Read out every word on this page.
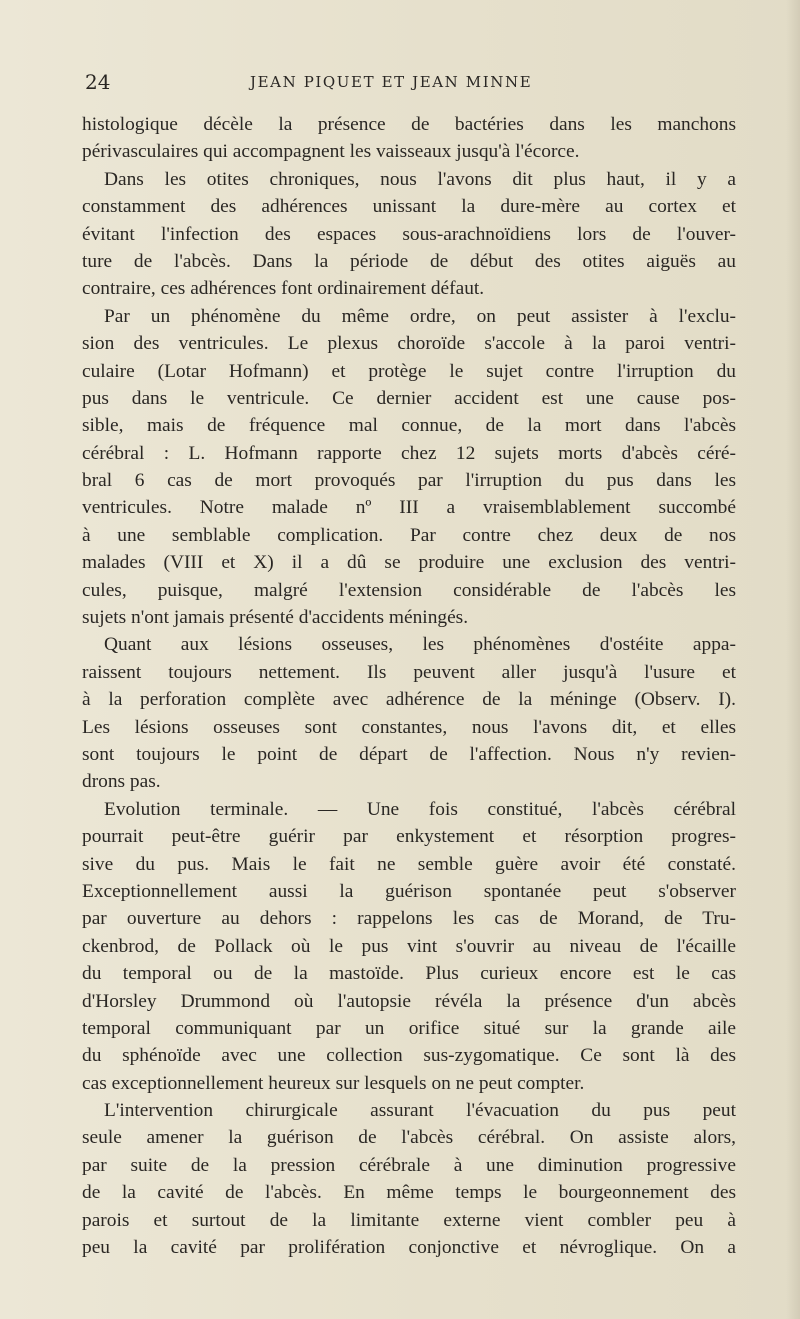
24	JEAN PIQUET ET JEAN MINNE
histologique décèle la présence de bactéries dans les manchons
périvasculaires qui accompagnent les vaisseaux jusqu'à l'écorce.
Dans les otites chroniques, nous l'avons dit plus haut, il y a
constamment des adhérences unissant la dure-mère au cortex et
évitant l'infection des espaces sous-arachnoïdiens lors de l'ouver-
ture de l'abcès. Dans la période de début des otites aiguës au
contraire, ces adhérences font ordinairement défaut.
Par un phénomène du même ordre, on peut assister à l'exclu-
sion des ventricules. Le plexus choroïde s'accole à la paroi ventri-
culaire (Lotar Hofmann) et protège le sujet contre l'irruption du
pus dans le ventricule. Ce dernier accident est une cause pos-
sible, mais de fréquence mal connue, de la mort dans l'abcès
cérébral : L. Hofmann rapporte chez 12 sujets morts d'abcès céré-
bral 6 cas de mort provoqués par l'irruption du pus dans les
ventricules. Notre malade nº III a vraisemblablement succombé
à une semblable complication. Par contre chez deux de nos
malades (VIII et X) il a dû se produire une exclusion des ventri-
cules, puisque, malgré l'extension considérable de l'abcès les
sujets n'ont jamais présenté d'accidents méningés.
Quant aux lésions osseuses, les phénomènes d'ostéite appa-
raissent toujours nettement. Ils peuvent aller jusqu'à l'usure et
à la perforation complète avec adhérence de la méninge (Observ. I).
Les lésions osseuses sont constantes, nous l'avons dit, et elles
sont toujours le point de départ de l'affection. Nous n'y revien-
drons pas.
Evolution terminale. — Une fois constitué, l'abcès cérébral
pourrait peut-être guérir par enkystement et résorption progres-
sive du pus. Mais le fait ne semble guère avoir été constaté.
Exceptionnellement aussi la guérison spontanée peut s'observer
par ouverture au dehors : rappelons les cas de Morand, de Tru-
ckenbrod, de Pollack où le pus vint s'ouvrir au niveau de l'écaille
du temporal ou de la mastoïde. Plus curieux encore est le cas
d'Horsley Drummond où l'autopsie révéla la présence d'un abcès
temporal communiquant par un orifice situé sur la grande aile
du sphénoïde avec une collection sus-zygomatique. Ce sont là des
cas exceptionnellement heureux sur lesquels on ne peut compter.
L'intervention chirurgicale assurant l'évacuation du pus peut
seule amener la guérison de l'abcès cérébral. On assiste alors,
par suite de la pression cérébrale à une diminution progressive
de la cavité de l'abcès. En même temps le bourgeonnement des
parois et surtout de la limitante externe vient combler peu à
peu la cavité par prolifération conjonctive et névroglique. On a
